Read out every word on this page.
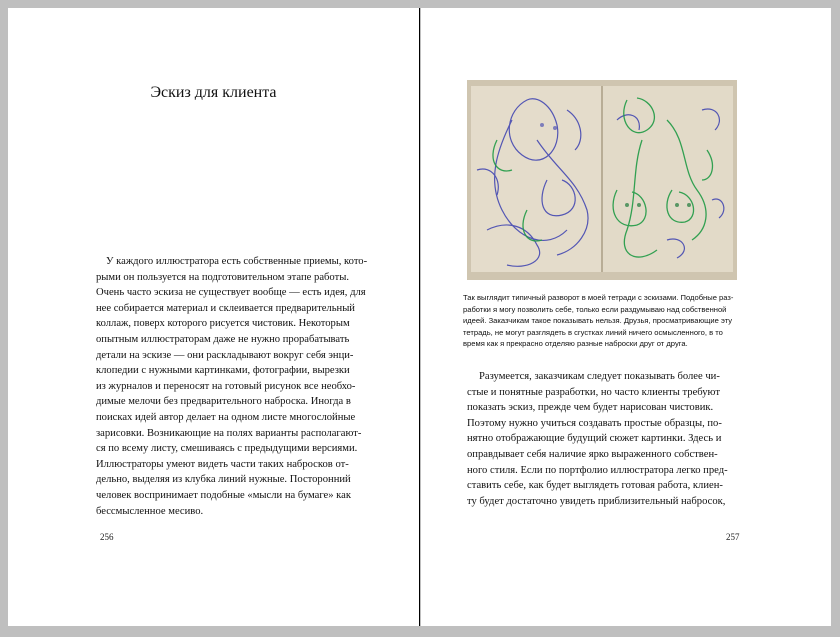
Эскиз для клиента
У каждого иллюстратора есть собственные приемы, кото-
рыми он пользуется на подготовительном этапе работы.
Очень часто эскиза не существует вообще — есть идея, для
нее собирается материал и склеивается предварительный
коллаж, поверх которого рисуется чистовик. Некоторым
опытным иллюстраторам даже не нужно прорабатывать
детали на эскизе — они раскладывают вокруг себя энци-
клопедии с нужными картинками, фотографии, вырезки
из журналов и переносят на готовый рисунок все необхо-
димые мелочи без предварительного наброска. Иногда в
поисках идей автор делает на одном листе многослойные
зарисовки. Возникающие на полях варианты располагают-
ся по всему листу, смешиваясь с предыдущими версиями.
Иллюстраторы умеют видеть части таких набросков от-
дельно, выделяя из клубка линий нужные. Посторонний
человек воспринимает подобные «мысли на бумаге» как
бессмысленное месиво.
256
Так выглядит типичный разворот в моей тетради с эскизами. Подобные раз-
работки я могу позволить себе, только если раздумываю над собственной
идеей. Заказчикам такое показывать нельзя. Друзья, просматривающие эту
тетрадь, не могут разглядеть в сгустках линий ничего осмысленного, в то
время как я прекрасно отделяю разные наброски друг от друга.
Разумеется, заказчикам следует показывать более чи-
стые и понятные разработки, но часто клиенты требуют
показать эскиз, прежде чем будет нарисован чистовик.
Поэтому нужно учиться создавать простые образцы, по-
нятно отображающие будущий сюжет картинки. Здесь и
оправдывает себя наличие ярко выраженного собствен-
ного стиля. Если по портфолио иллюстратора легко пред-
ставить себе, как будет выглядеть готовая работа, клиен-
ту будет достаточно увидеть приблизительный набросок,
257
